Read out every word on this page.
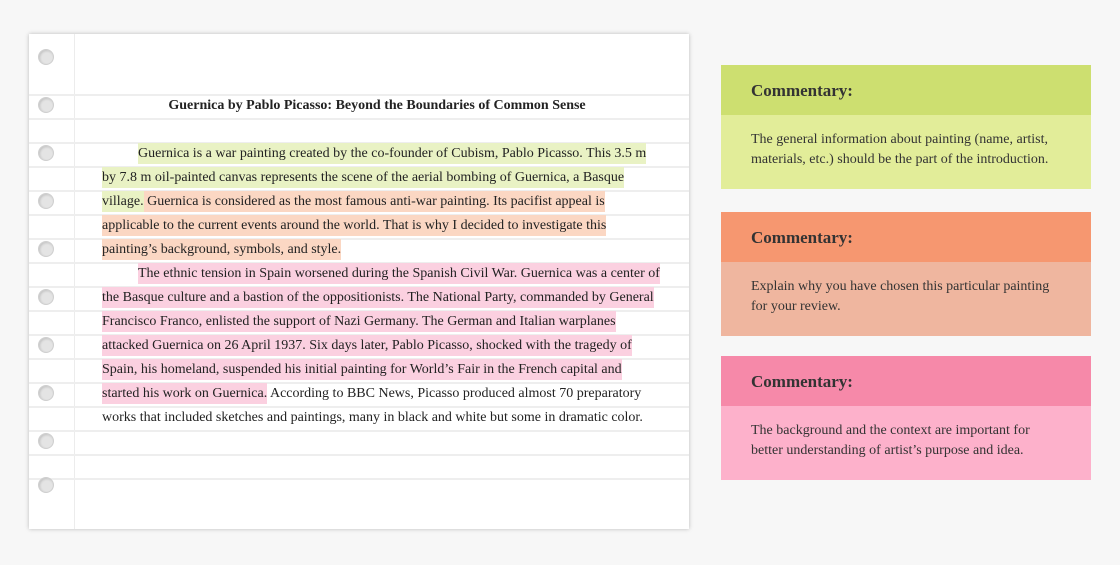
Guernica by Pablo Picasso: Beyond the Boundaries of Common Sense

Guernica is a war painting created by the co-founder of Cubism, Pablo Picasso. This 3.5 m by 7.8 m oil-painted canvas represents the scene of the aerial bombing of Guernica, a Basque village. Guernica is considered as the most famous anti-war painting. Its pacifist appeal is applicable to the current events around the world. That is why I decided to investigate this painting’s background, symbols, and style.

The ethnic tension in Spain worsened during the Spanish Civil War. Guernica was a center of the Basque culture and a bastion of the oppositionists. The National Party, commanded by General Francisco Franco, enlisted the support of Nazi Germany. The German and Italian warplanes attacked Guernica on 26 April 1937. Six days later, Pablo Picasso, shocked with the tragedy of Spain, his homeland, suspended his initial painting for World’s Fair in the French capital and started his work on Guernica. According to BBC News, Picasso produced almost 70 preparatory works that included sketches and paintings, many in black and white but some in dramatic color.

Commentary:
The general information about painting (name, artist, materials, etc.) should be the part of the introduction.
Commentary:
Explain why you have chosen this particular painting for your review.
Commentary:
The background and the context are important for better understanding of artist’s purpose and idea.
